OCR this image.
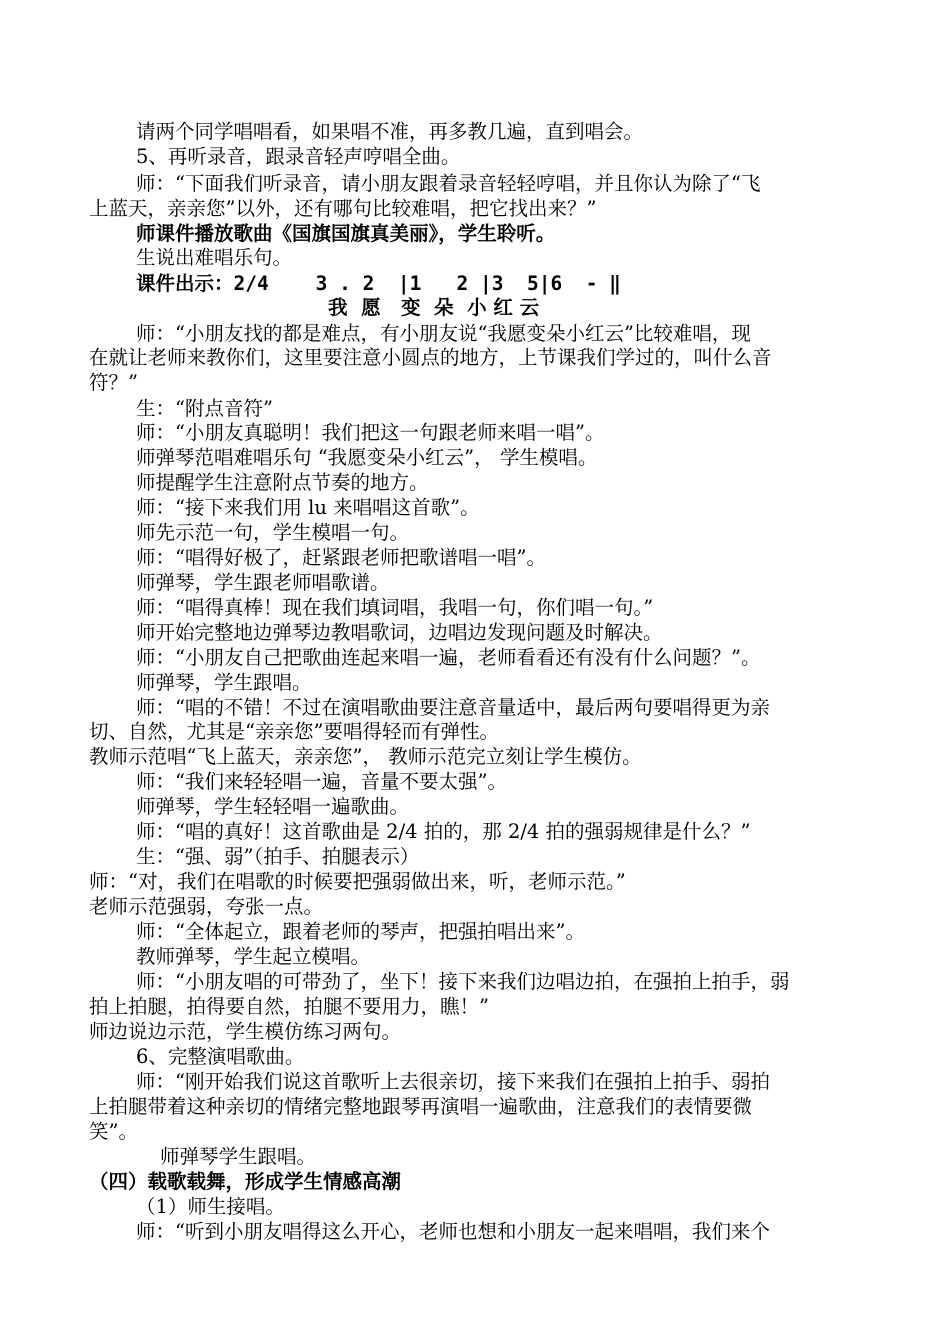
请两个同学唱唱看，如果唱不准，再多教几遍，直到唱会。
5、再听录音，跟录音轻声哼唱全曲。
师：“下面我们听录音，请小朋友跟着录音轻轻哼唱，并且你认为除了“飞
上蓝天，亲亲您”以外，还有哪句比较难唱，把它找出来？”
师课件播放歌曲《国旗国旗真美丽》，学生聆听。
生说出难唱乐句。
课件出示：2/4    3 . 2  |1   2 |3  5|6  - ‖
我  愿   变  朵  小 红 云
师：“小朋友找的都是难点，有小朋友说“我愿变朵小红云”比较难唱，现
在就让老师来教你们，这里要注意小圆点的地方，上节课我们学过的，叫什么音
符？”
生：“附点音符”
师：“小朋友真聪明！我们把这一句跟老师来唱一唱”。
师弹琴范唱难唱乐句 “我愿变朵小红云”， 学生模唱。
师提醒学生注意附点节奏的地方。
师：“接下来我们用 lu 来唱唱这首歌”。
师先示范一句，学生模唱一句。
师：“唱得好极了，赶紧跟老师把歌谱唱一唱”。
师弹琴，学生跟老师唱歌谱。
师：“唱得真棒！现在我们填词唱，我唱一句，你们唱一句。”
师开始完整地边弹琴边教唱歌词，边唱边发现问题及时解决。
师：“小朋友自己把歌曲连起来唱一遍，老师看看还有没有什么问题？”。
师弹琴，学生跟唱。
师：“唱的不错！不过在演唱歌曲要注意音量适中，最后两句要唱得更为亲
切、自然，尤其是“亲亲您”要唱得轻而有弹性。
教师示范唱“飞上蓝天，亲亲您”， 教师示范完立刻让学生模仿。
师：“我们来轻轻唱一遍，音量不要太强”。
师弹琴，学生轻轻唱一遍歌曲。
师：“唱的真好！这首歌曲是 2/4 拍的，那 2/4 拍的强弱规律是什么？”
生：“强、弱”（拍手、拍腿表示）
师：“对，我们在唱歌的时候要把强弱做出来，听，老师示范。”
老师示范强弱，夸张一点。
师：“全体起立，跟着老师的琴声，把强拍唱出来”。
教师弹琴，学生起立模唱。
师：“小朋友唱的可带劲了，坐下！接下来我们边唱边拍，在强拍上拍手，弱
拍上拍腿，拍得要自然，拍腿不要用力，瞧！”
师边说边示范，学生模仿练习两句。
6、完整演唱歌曲。
师：“刚开始我们说这首歌听上去很亲切，接下来我们在强拍上拍手、弱拍
上拍腿带着这种亲切的情绪完整地跟琴再演唱一遍歌曲，注意我们的表情要微
笑”。
师弹琴学生跟唱。
（四）载歌载舞，形成学生情感高潮
（1）师生接唱。
师：“听到小朋友唱得这么开心，老师也想和小朋友一起来唱唱，我们来个
